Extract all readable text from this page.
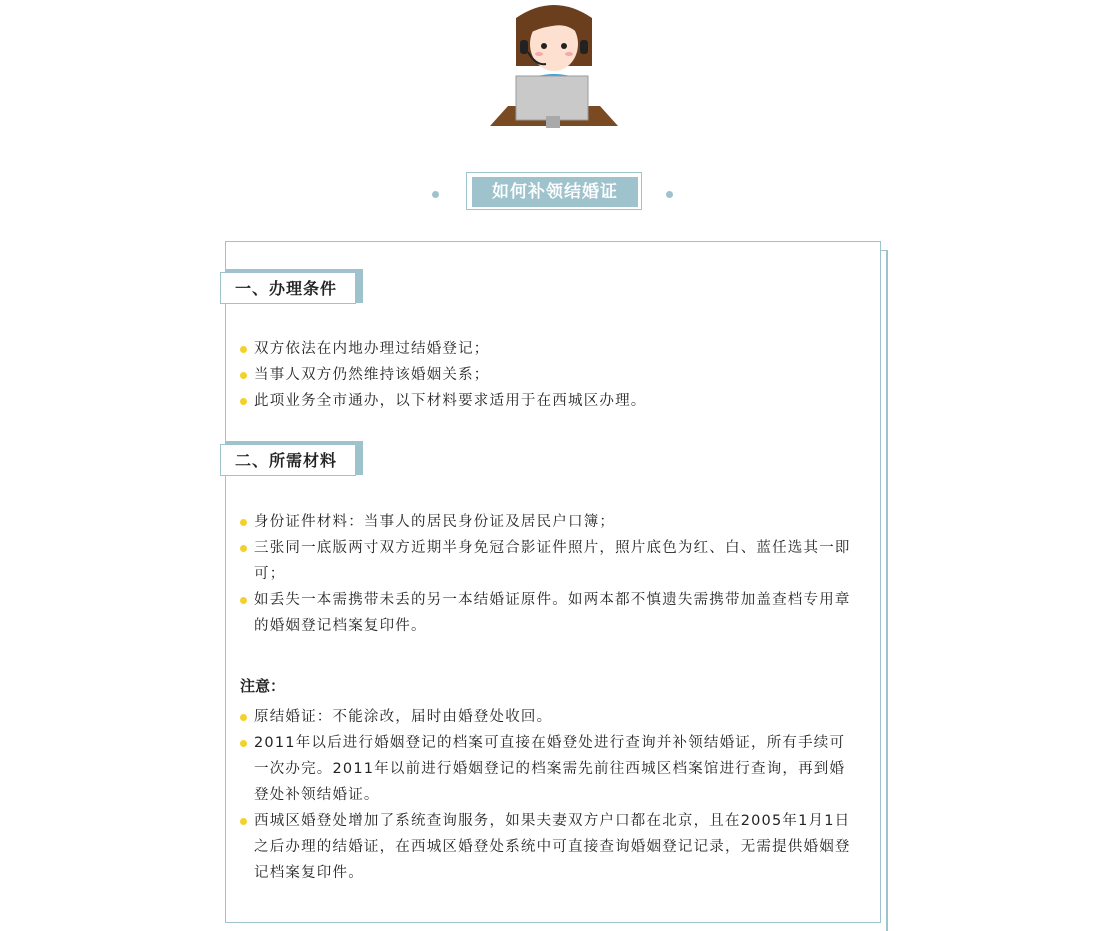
如何补领结婚证
一、办理条件
双方依法在内地办理过结婚登记；
当事人双方仍然维持该婚姻关系；
此项业务全市通办，以下材料要求适用于在西城区办理。
二、所需材料
身份证件材料：当事人的居民身份证及居民户口簿；
三张同一底版两寸双方近期半身免冠合影证件照片，照片底色为红、白、蓝任选其一即可；
如丢失一本需携带未丢的另一本结婚证原件。如两本都不慎遗失需携带加盖查档专用章的婚姻登记档案复印件。
注意：
原结婚证：不能涂改，届时由婚登处收回。
2011年以后进行婚姻登记的档案可直接在婚登处进行查询并补领结婚证，所有手续可一次办完。2011年以前进行婚姻登记的档案需先前往西城区档案馆进行查询，再到婚登处补领结婚证。
西城区婚登处增加了系统查询服务，如果夫妻双方户口都在北京，且在2005年1月1日之后办理的结婚证，在西城区婚登处系统中可直接查询婚姻登记记录，无需提供婚姻登记档案复印件。
